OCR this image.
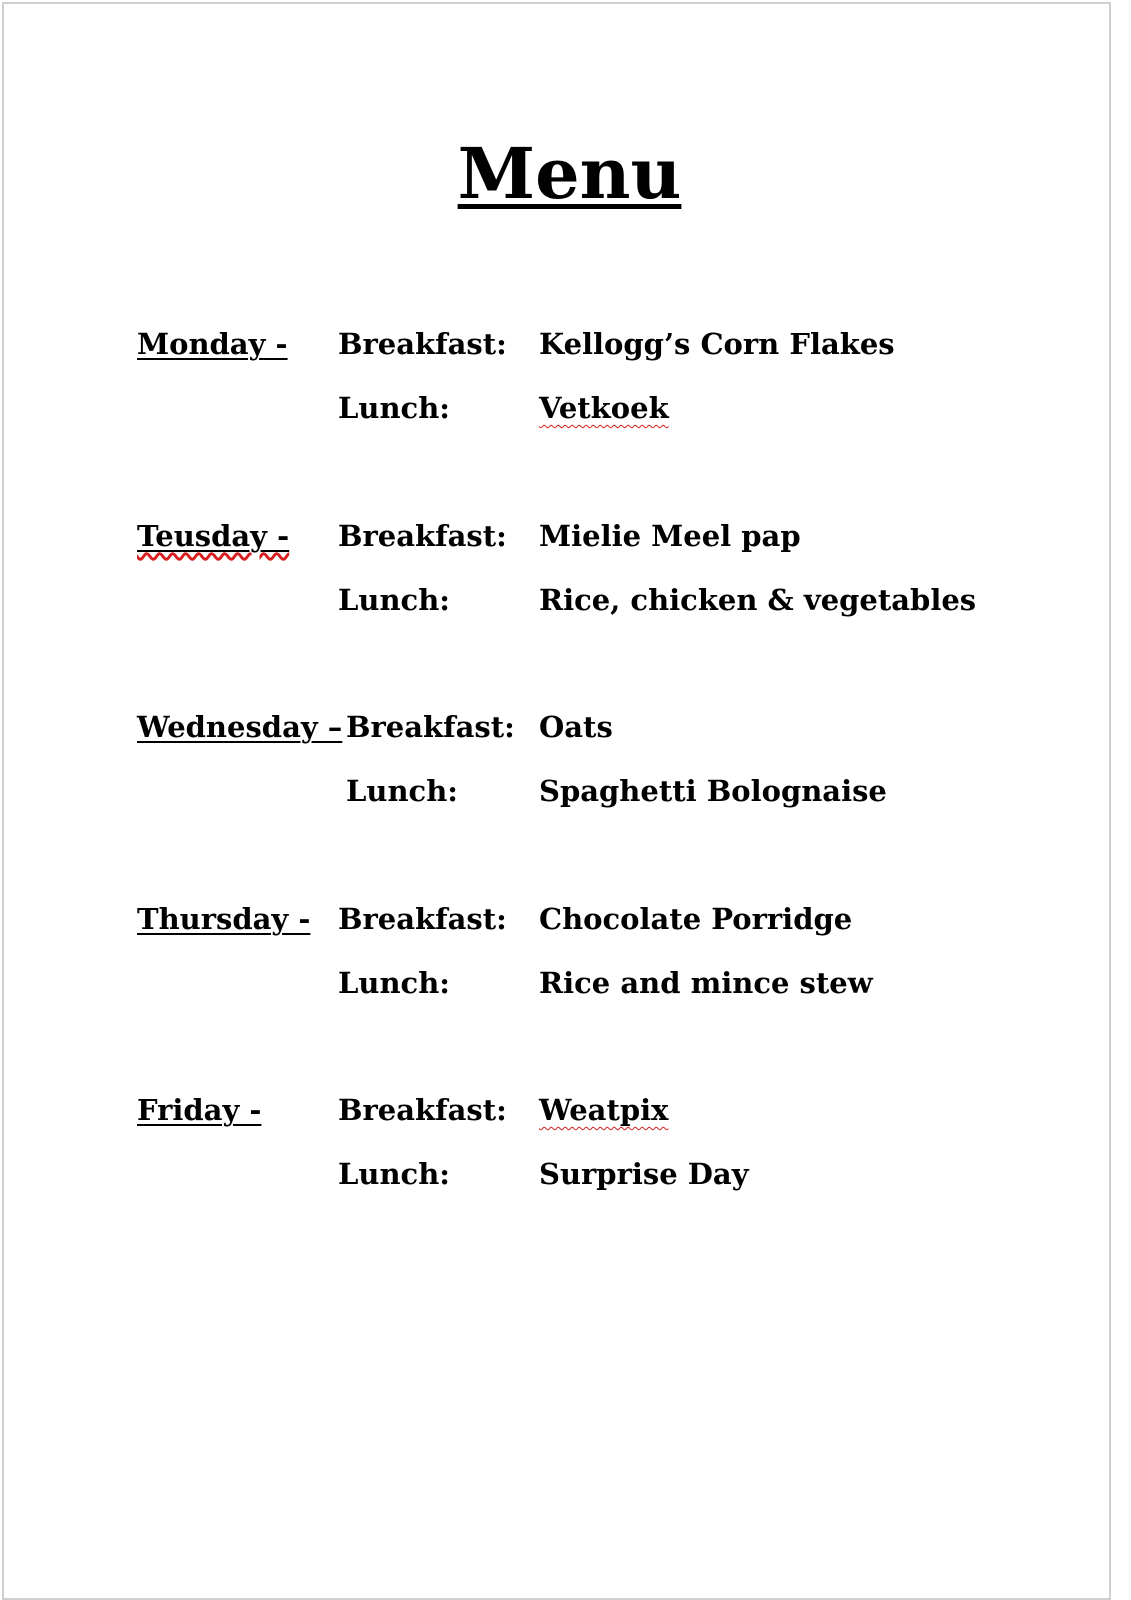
Menu
Monday - Breakfast: Kellogg’s Corn Flakes
Lunch:	Vetkoek
Teusday - Breakfast: Mielie Meel pap
Lunch:	Rice, chicken & vegetables
Wednesday – Breakfast: Oats
Lunch:	Spaghetti Bolognaise
Thursday - Breakfast: Chocolate Porridge
Lunch:	Rice and mince stew
Friday -	Breakfast: Weatpix
Lunch:	Surprise Day
